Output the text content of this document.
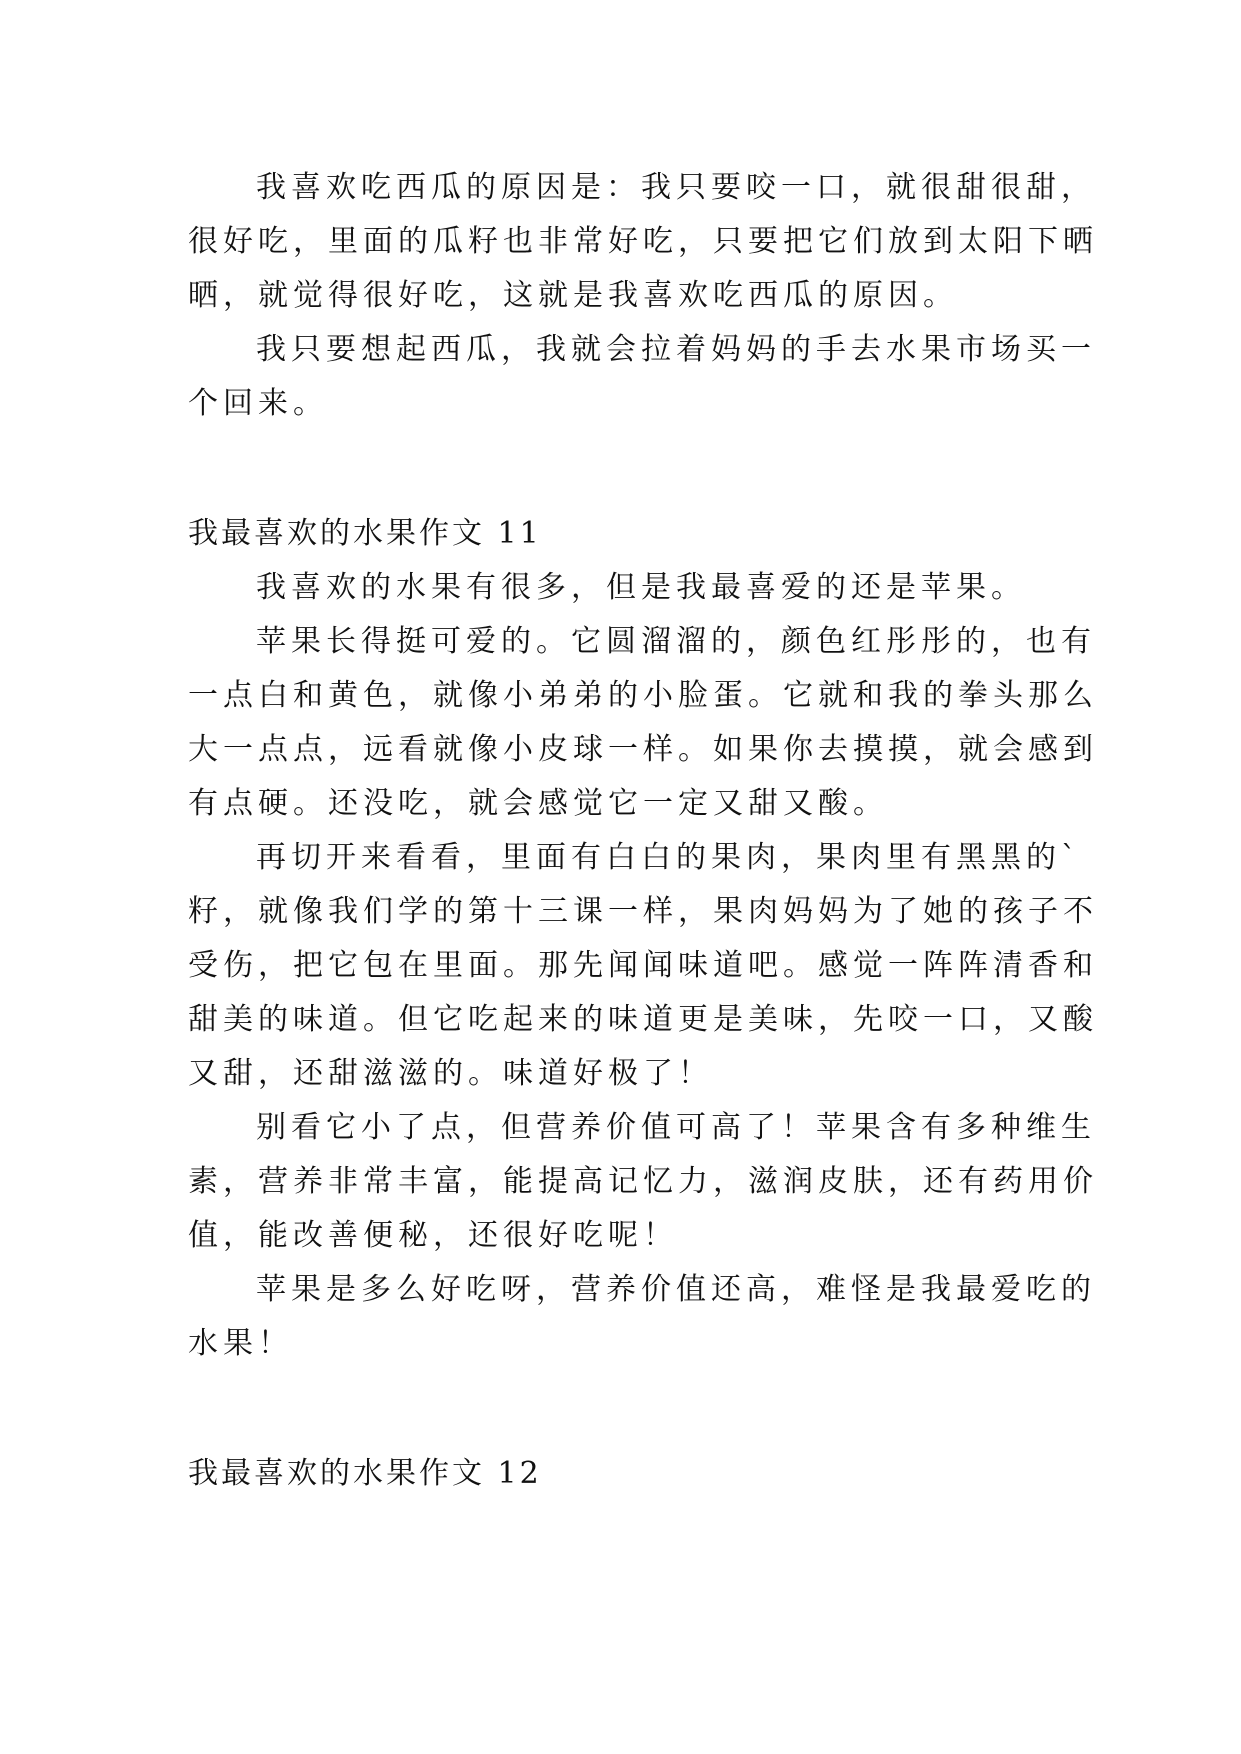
我喜欢吃西瓜的原因是：我只要咬一口，就很甜很甜，
很好吃，里面的瓜籽也非常好吃，只要把它们放到太阳下晒
晒，就觉得很好吃，这就是我喜欢吃西瓜的原因。
我只要想起西瓜，我就会拉着妈妈的手去水果市场买一
个回来。
我最喜欢的水果作文 11
我喜欢的水果有很多，但是我最喜爱的还是苹果。
苹果长得挺可爱的。它圆溜溜的，颜色红彤彤的，也有
一点白和黄色，就像小弟弟的小脸蛋。它就和我的拳头那么
大一点点，远看就像小皮球一样。如果你去摸摸，就会感到
有点硬。还没吃，就会感觉它一定又甜又酸。
再切开来看看，里面有白白的果肉，果肉里有黑黑的`
籽，就像我们学的第十三课一样，果肉妈妈为了她的孩子不
受伤，把它包在里面。那先闻闻味道吧。感觉一阵阵清香和
甜美的味道。但它吃起来的味道更是美味，先咬一口，又酸
又甜，还甜滋滋的。味道好极了！
别看它小了点，但营养价值可高了！苹果含有多种维生
素，营养非常丰富，能提高记忆力，滋润皮肤，还有药用价
值，能改善便秘，还很好吃呢！
苹果是多么好吃呀，营养价值还高，难怪是我最爱吃的
水果！
我最喜欢的水果作文 12
